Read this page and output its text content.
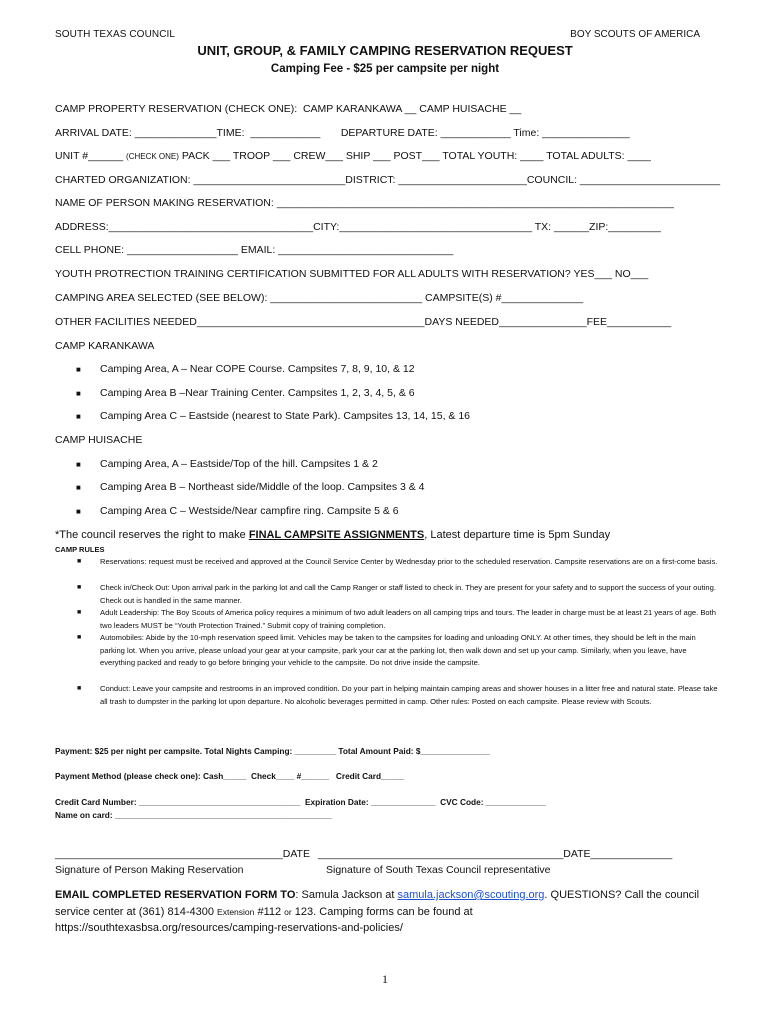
SOUTH TEXAS COUNCIL	BOY SCOUTS OF AMERICA
UNIT, GROUP, & FAMILY CAMPING RESERVATION REQUEST
Camping Fee - $25 per campsite per night
CAMP PROPERTY RESERVATION (CHECK ONE):  CAMP KARANKAWA __ CAMP HUISACHE __
ARRIVAL DATE: ______________TIME:  ____________       DEPARTURE DATE: ____________ Time: _______________
UNIT #______ (CHECK ONE) PACK ___ TROOP ___ CREW___ SHIP ___ POST___ TOTAL YOUTH: ____ TOTAL ADULTS: ____
CHARTED ORGANIZATION: __________________________DISTRICT: ______________________COUNCIL: ________________________
NAME OF PERSON MAKING RESERVATION: ____________________________________________________________________
ADDRESS:___________________________________CITY:_________________________________ TX: ______ZIP:_________
CELL PHONE: ___________________ EMAIL: ______________________________
YOUTH PROTRECTION TRAINING CERTIFICATION SUBMITTED FOR ALL ADULTS WITH RESERVATION? YES___ NO___
CAMPING AREA SELECTED (SEE BELOW): __________________________ CAMPSITE(S) #______________
OTHER FACILITIES NEEDED_______________________________________DAYS NEEDED_______________FEE___________
CAMP KARANKAWA
■ Camping Area, A – Near COPE Course. Campsites 7, 8, 9, 10, & 12
■ Camping Area B –Near Training Center. Campsites 1, 2, 3, 4, 5, & 6
■ Camping Area C – Eastside (nearest to State Park). Campsites 13, 14, 15, & 16
CAMP HUISACHE
■ Camping Area, A – Eastside/Top of the hill. Campsites 1 & 2
■ Camping Area B – Northeast side/Middle of the loop. Campsites 3 & 4
■ Camping Area C – Westside/Near campfire ring. Campsite 5 & 6
*The council reserves the right to make FINAL CAMPSITE ASSIGNMENTS, Latest departure time is 5pm Sunday
CAMP RULES
■ Reservations: request must be received and approved at the Council Service Center by Wednesday prior to the scheduled reservation. Campsite reservations are on a first-come basis.
■ Check in/Check Out: Upon arrival park in the parking lot and call the Camp Ranger or staff listed to check in. They are present for your safety and to support the success of your outing. Check out is handled in the same manner.
■ Adult Leadership: The Boy Scouts of America policy requires a minimum of two adult leaders on all camping trips and tours. The leader in charge must be at least 21 years of age. Both two leaders MUST be “Youth Protection Trained.” Submit copy of training completion.
■ Automobiles: Abide by the 10-mph reservation speed limit. Vehicles may be taken to the campsites for loading and unloading ONLY. At other times, they should be left in the main parking lot. When you arrive, please unload your gear at your campsite, park your car at the parking lot, then walk down and set up your camp. Similarly, when you leave, have everything packed and ready to go before bringing your vehicle to the campsite. Do not drive inside the campsite.
■ Conduct: Leave your campsite and restrooms in an improved condition. Do your part in helping maintain camping areas and shower houses in a litter free and natural state. Please take all trash to dumpster in the parking lot upon departure. No alcoholic beverages permitted in camp. Other rules: Posted on each campsite. Please review with Scouts.
Payment: $25 per night per campsite. Total Nights Camping: _________ Total Amount Paid: $_______________
Payment Method (please check one): Cash_____  Check____ #______   Credit Card_____
Credit Card Number: ___________________________________  Expiration Date: ______________  CVC Code: _____________
Name on card: _______________________________________________
_______________________________________DATE __________________________________________DATE______________
Signature of Person Making Reservation	Signature of South Texas Council representative
EMAIL COMPLETED RESERVATION FORM TO: Samula Jackson at samula.jackson@scouting.org. QUESTIONS? Call the council service center at (361) 814-4300 Extension #112 or 123. Camping forms can be found at
https://southtexasbsa.org/resources/camping-reservations-and-policies/
1
